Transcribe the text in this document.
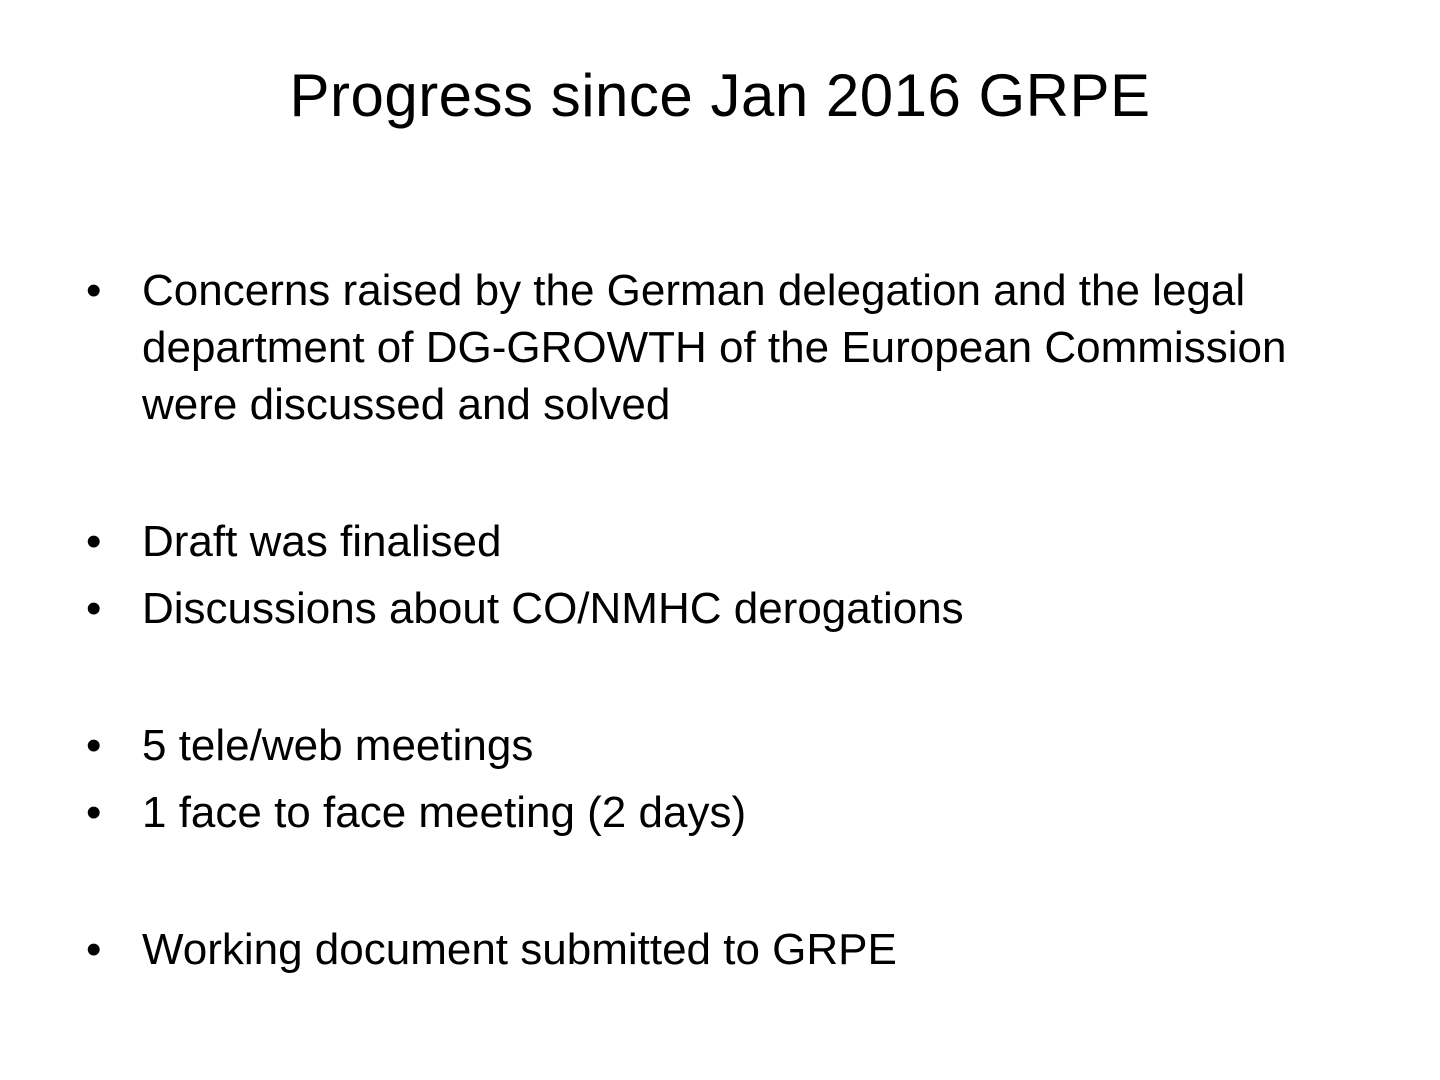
Progress since Jan 2016 GRPE
• Concerns raised by the German delegation and the legal department of DG-GROWTH of the European Commission were discussed and solved
• Draft was finalised
• Discussions about CO/NMHC derogations
• 5 tele/web meetings
• 1 face to face meeting (2 days)
• Working document submitted to GRPE
